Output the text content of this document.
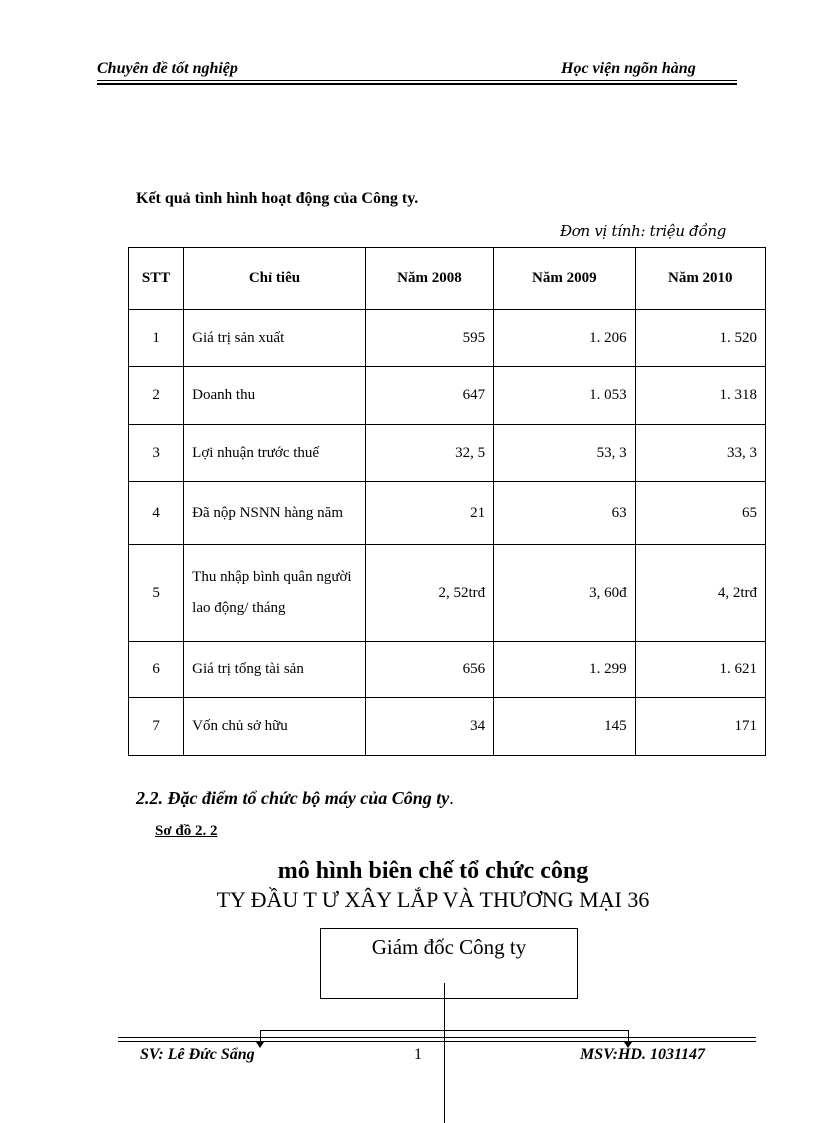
Chuyên đề tốt nghiệp	Học viện ngõn hàng
Kết quả tình hình hoạt động của Công ty.
Đơn vị tính: triệu đồng
STT	Chỉ tiêu	Năm 2008	Năm 2009	Năm 2010
1	Giá trị sản xuất	595	1. 206	1. 520
2	Doanh thu	647	1. 053	1. 318
3	Lợi nhuận trước thuế	32, 5	53, 3	33, 3
4	Đã nộp NSNN hàng năm	21	63	65
5	Thu nhập bình quân người lao động/ tháng	2, 52trđ	3, 60đ	4, 2trđ
6	Giá trị tổng tài sản	656	1. 299	1. 621
7	Vốn chủ sở hữu	34	145	171
2.2. Đặc điểm tổ chức bộ máy của Công ty.
Sơ đồ 2. 2
mô hình biên chế tổ chức công
TY ĐẦU T Ư XÂY LẮP VÀ THƯƠNG MẠI 36
Giám đốc Công ty
SV: Lê Đức Sẩng	1	MSV:HD. 1031147
